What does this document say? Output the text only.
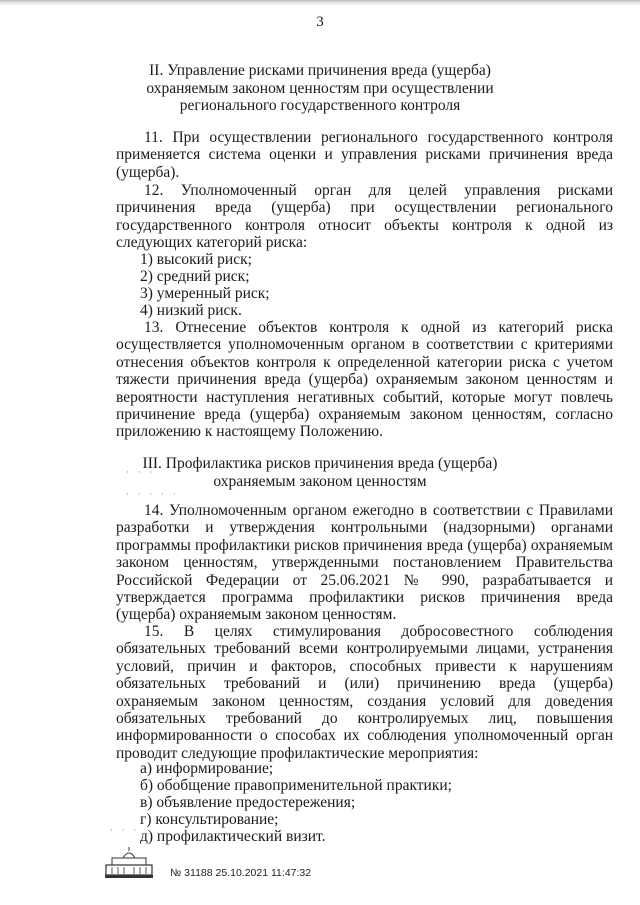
3
II. Управление рисками причинения вреда (ущерба)
охраняемым законом ценностям при осуществлении
регионального государственного контроля

11. При осуществлении регионального государственного контроля применяется система оценки и управления рисками причинения вреда (ущерба).

12. Уполномоченный орган для целей управления рисками причинения вреда (ущерба) при осуществлении регионального государственного контроля относит объекты контроля к одной из следующих категорий риска:

1) высокий риск;
2) средний риск;
3) умеренный риск;
4) низкий риск.

13. Отнесение объектов контроля к одной из категорий риска осуществляется уполномоченным органом в соответствии с критериями отнесения объектов контроля к определенной категории риска с учетом тяжести причинения вреда (ущерба) охраняемым законом ценностям и вероятности наступления негативных событий, которые могут повлечь причинение вреда (ущерба) охраняемым законом ценностям, согласно приложению к настоящему Положению.

III. Профилактика рисков причинения вреда (ущерба)
охраняемым законом ценностям
· · ·
· · · · ·

14. Уполномоченным органом ежегодно в соответствии с Правилами разработки и утверждения контрольными (надзорными) органами программы профилактики рисков причинения вреда (ущерба) охраняемым законом ценностям, утвержденными постановлением Правительства Российской Федерации от 25.06.2021 № 990, разрабатывается и утверждается программа профилактики рисков причинения вреда (ущерба) охраняемым законом ценностям.

15. В целях стимулирования добросовестного соблюдения обязательных требований всеми контролируемыми лицами, устранения условий, причин и факторов, способных привести к нарушениям обязательных требований и (или) причинению вреда (ущерба) охраняемым законом ценностям, создания условий для доведения обязательных требований до контролируемых лиц, повышения информированности о способах их соблюдения уполномоченный орган проводит следующие профилактические мероприятия:

а) информирование;
б) обобщение правоприменительной практики;
в) объявление предостережения;
г) консультирование;
д) профилактический визит.
· · ·
№ 31188 25.10.2021 11:47:32
